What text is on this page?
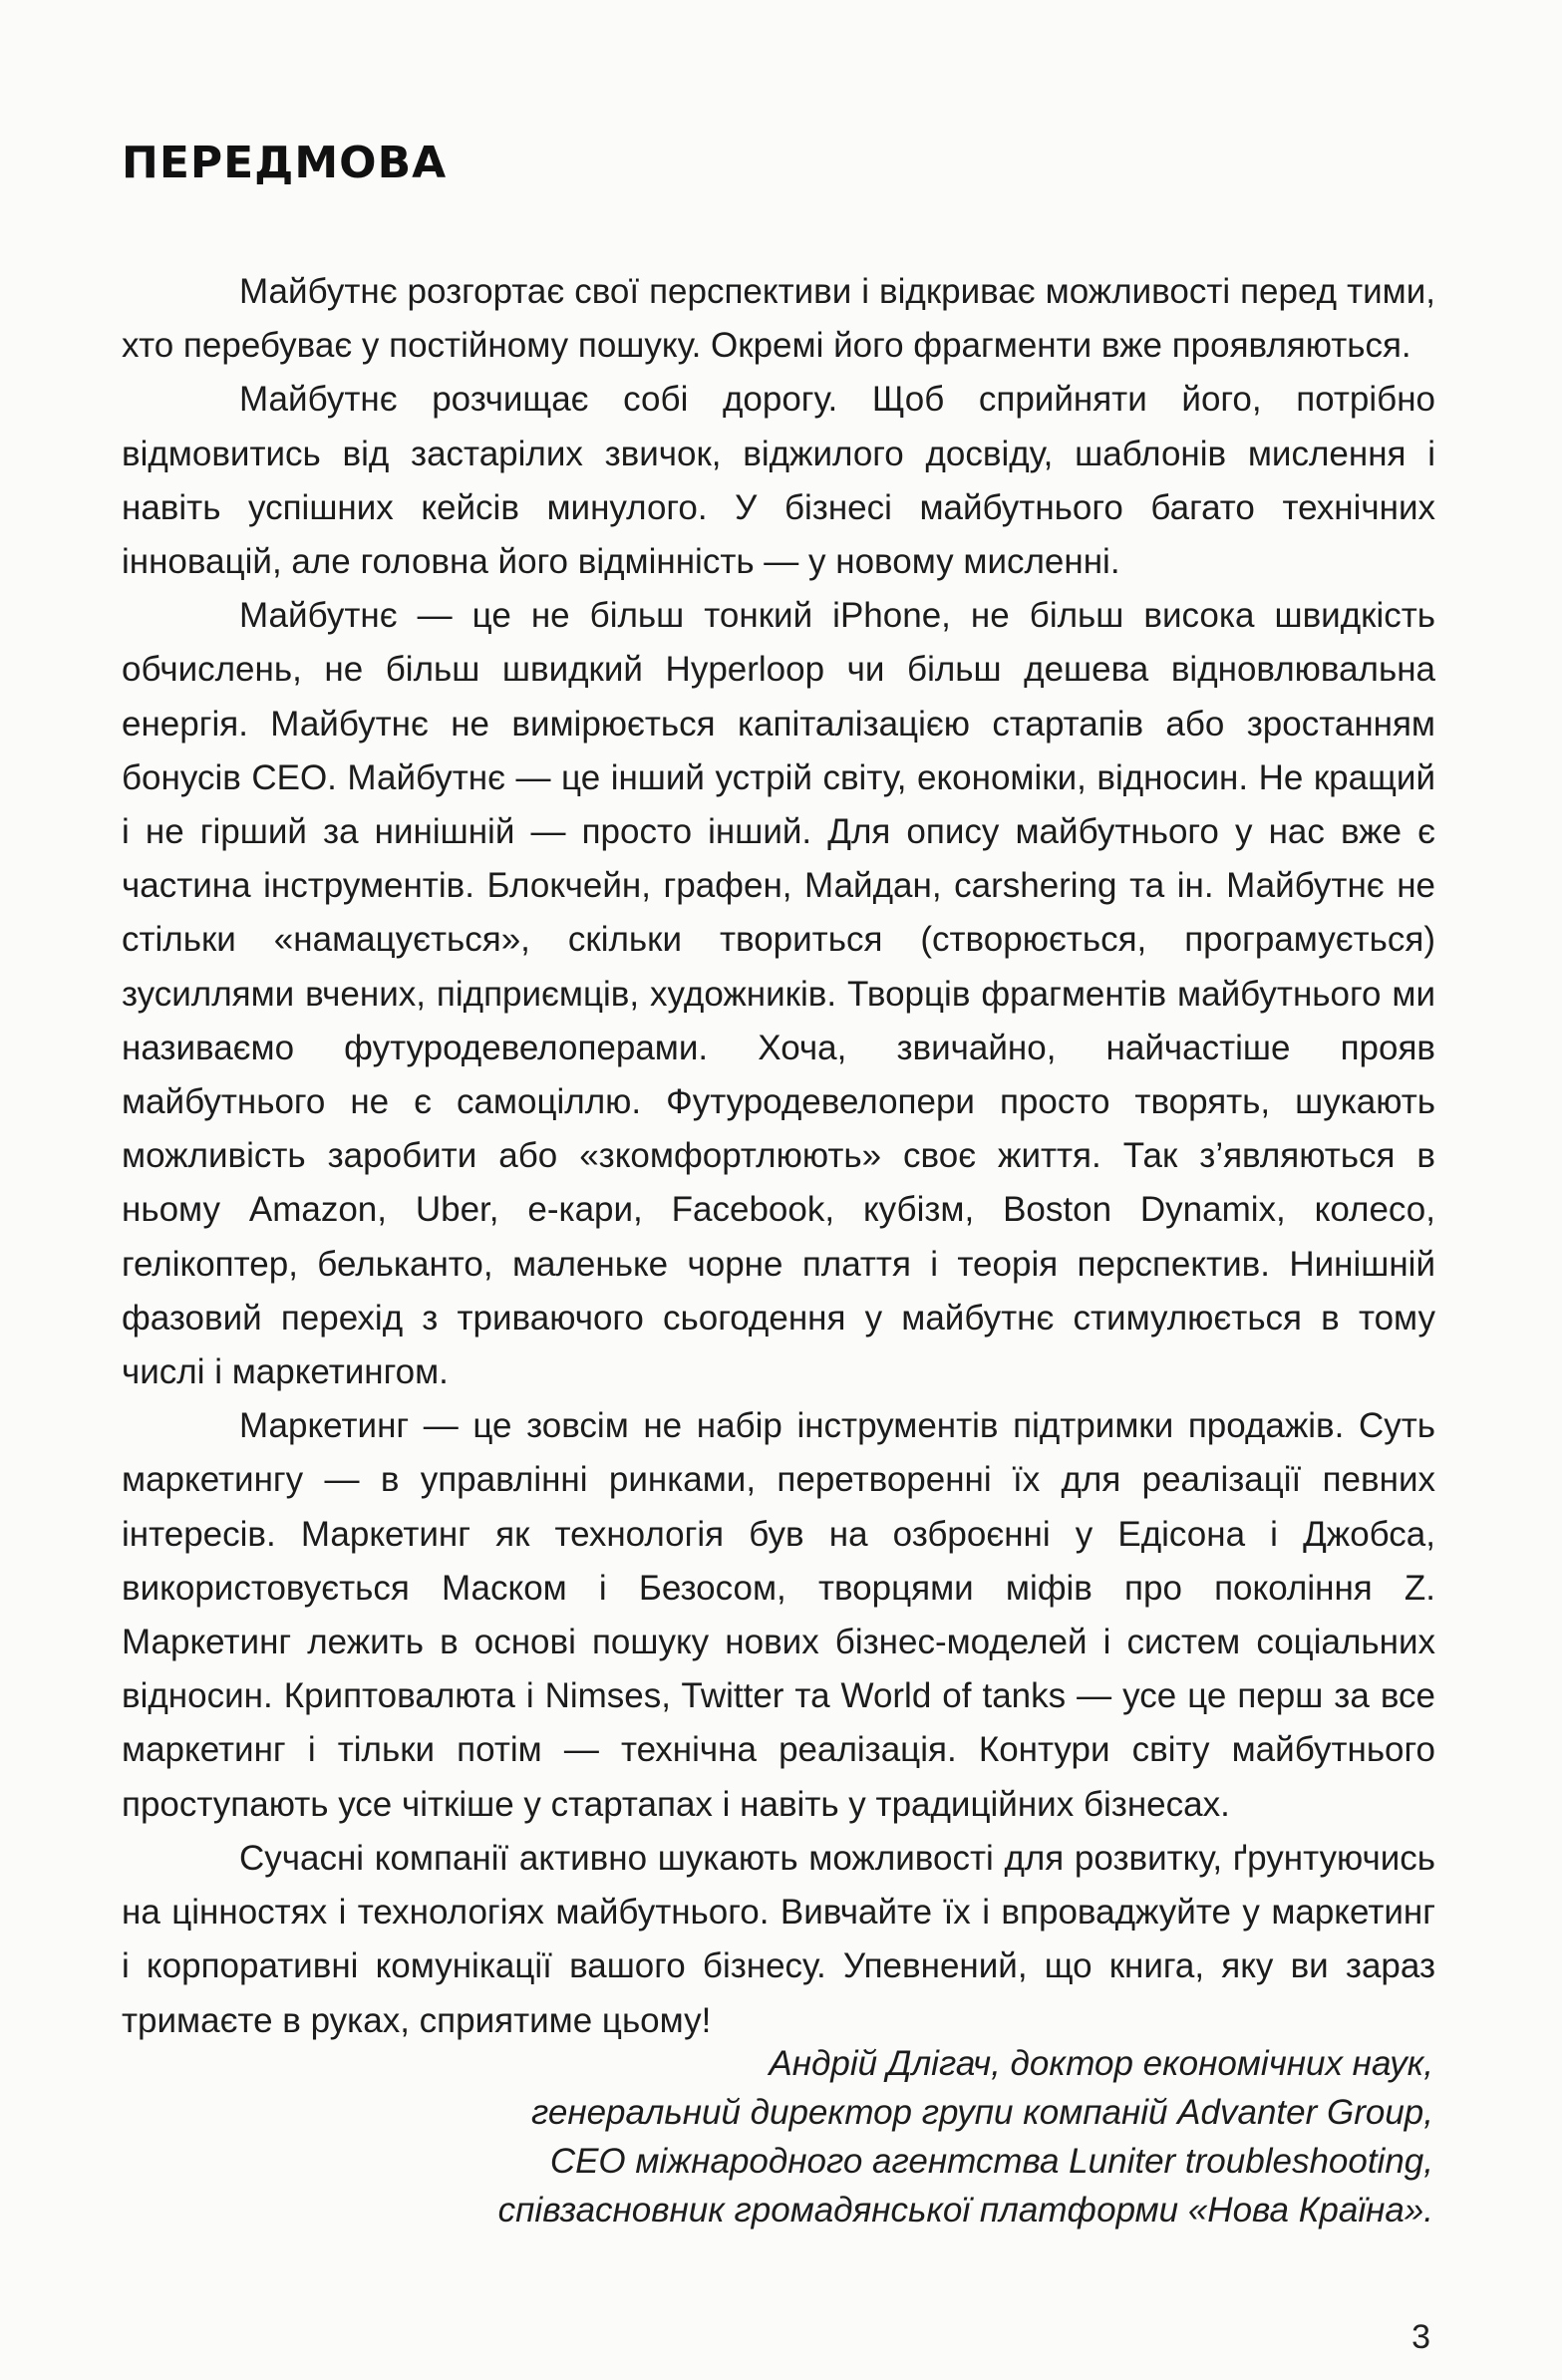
ПЕРЕДМОВА

Майбутнє розгортає свої перспективи і відкриває можливості перед тими, хто перебуває у постійному пошуку. Окремі його фрагменти вже проявляються.

Майбутнє розчищає собі дорогу. Щоб сприйняти його, потрібно відмовитись від застарілих звичок, віджилого досвіду, шаблонів мислення і навіть успішних кейсів минулого. У бізнесі майбутнього багато технічних інновацій, але головна його відмінність — у новому мисленні.

Майбутнє — це не більш тонкий iPhone, не більш висока швидкість обчислень, не більш швидкий Hyperloop чи більш дешева відновлювальна енергія. Майбутнє не вимірюється капіталізацією стартапів або зростанням бонусів СЕО. Майбутнє — це інший устрій світу, економіки, відносин. Не кращий і не гірший за нинішній — просто інший. Для опису майбутнього у нас вже є частина інструментів. Блокчейн, графен, Майдан, carshering та ін. Майбутнє не стільки «намацується», скільки твориться (створюється, програмується) зусиллями вчених, підприємців, художників. Творців фрагментів майбутнього ми називаємо футуродевелоперами. Хоча, звичайно, найчастіше прояв майбутнього не є самоціллю. Футуродевелопери просто творять, шукають можливість заробити або «зкомфортлюють» своє життя. Так з’являються в ньому Amazon, Uber, е-кари, Facebook, кубізм, Boston Dynamix, колесо, гелікоптер, бельканто, маленьке чорне плаття і теорія перспектив. Нинішній фазовий перехід з триваючого сьогодення у майбутнє стимулюється в тому числі і маркетингом.

Маркетинг — це зовсім не набір інструментів підтримки продажів. Суть маркетингу — в управлінні ринками, перетворенні їх для реалізації певних інтересів. Маркетинг як технологія був на озброєнні у Едісона і Джобса, використовується Маском і Безосом, творцями міфів про покоління Z. Маркетинг лежить в основі пошуку нових бізнес-моделей і систем соціальних відносин. Криптовалюта і Nimses, Twitter та World of tanks — усе це перш за все маркетинг і тільки потім — технічна реалізація. Контури світу майбутнього проступають усе чіткіше у стартапах і навіть у традиційних бізнесах.

Сучасні компанії активно шукають можливості для розвитку, ґрунтуючись на цінностях і технологіях майбутнього. Вивчайте їх і впроваджуйте у маркетинг і корпоративні комунікації вашого бізнесу. Упевнений, що книга, яку ви зараз тримаєте в руках, сприятиме цьому!

3
Андрій Длігач, доктор економічних наук,
генеральний директор групи компаній Advanter Group,
СЕО міжнародного агентства Luniter troubleshooting,
співзасновник громадянської платформи «Нова Країна».
